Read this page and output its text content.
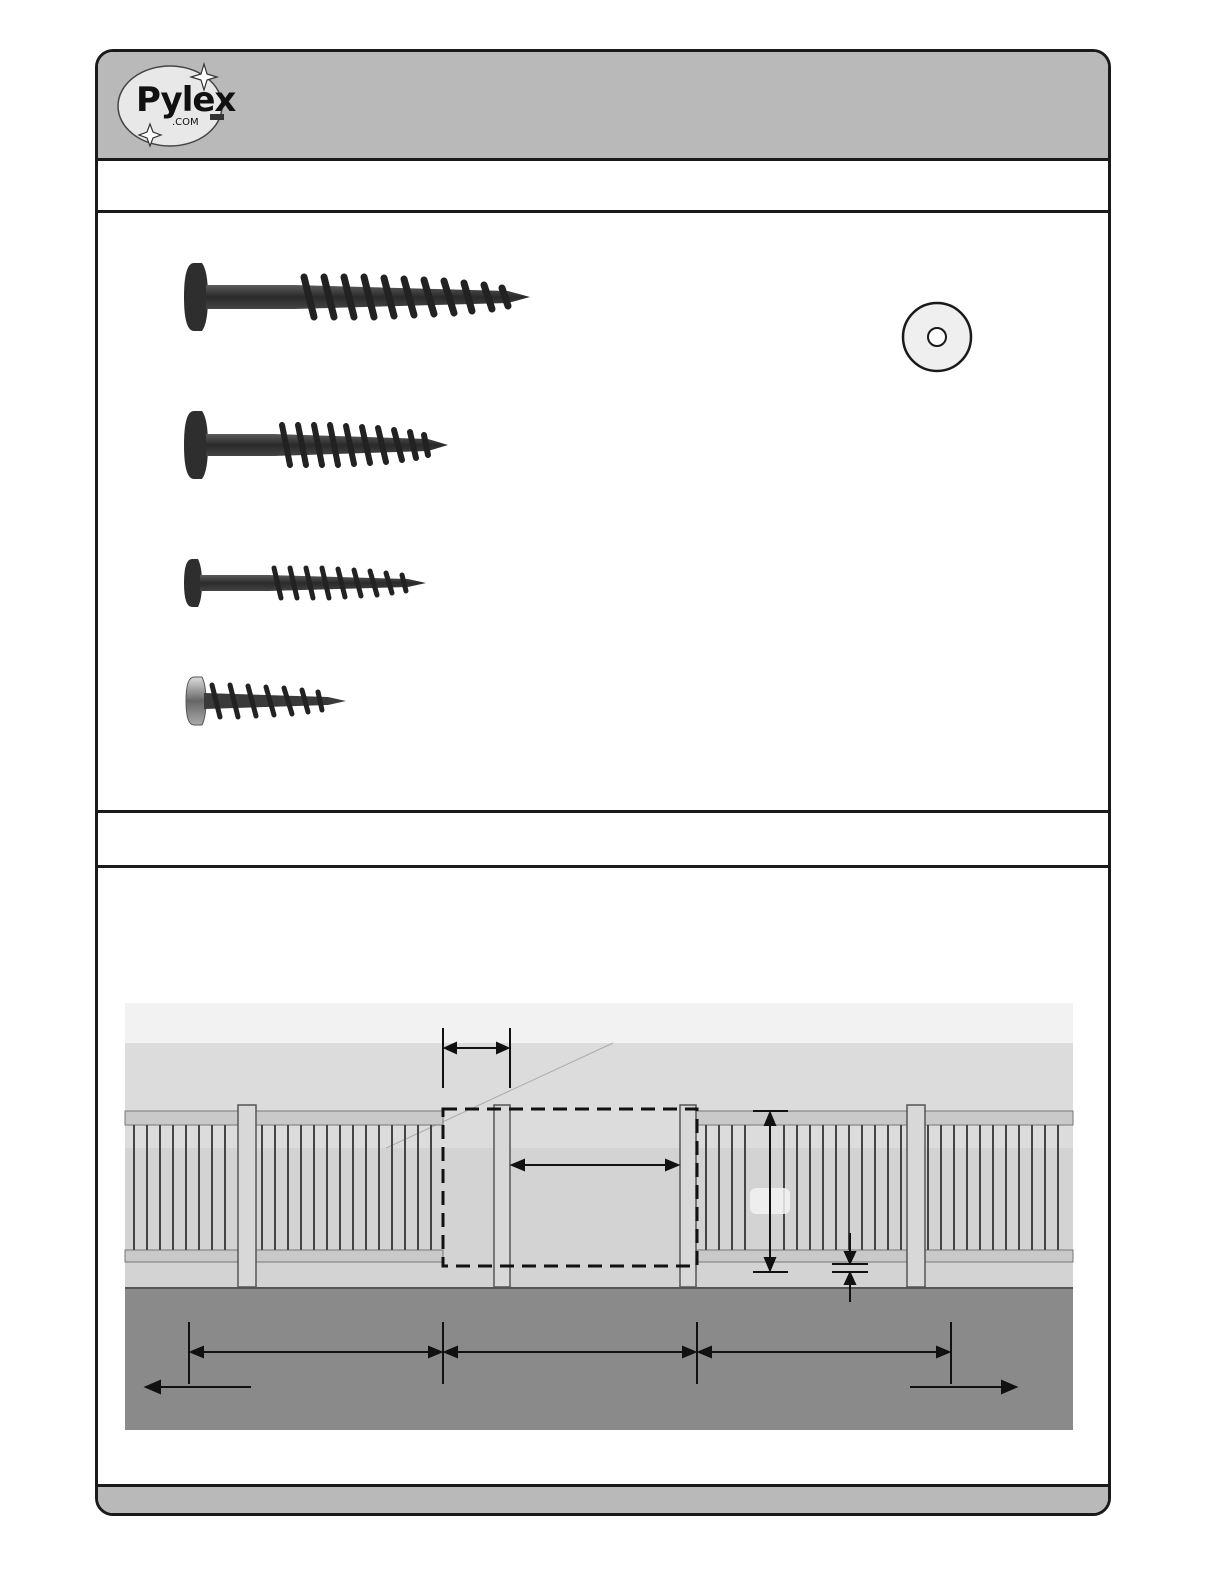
Pylex
.COM
